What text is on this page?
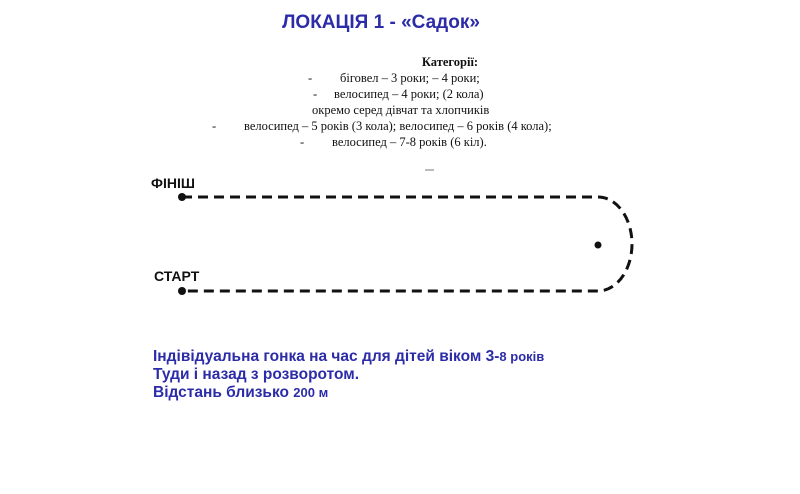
ЛОКАЦІЯ 1 - «Садок»
Категорії:
- біговел – 3 роки; – 4 роки;
- велосипед – 4 роки; (2 кола)
окремо серед дівчат та хлопчиків
- велосипед – 5 років (3 кола); велосипед – 6 років (4 кола);
- велосипед – 7-8 років (6 кіл).
ФІНІШ
СТАРТ
Індівідуальна гонка на час для дітей віком 3-8 років
Туди і назад з розворотом.
Відстань близько 200 м
